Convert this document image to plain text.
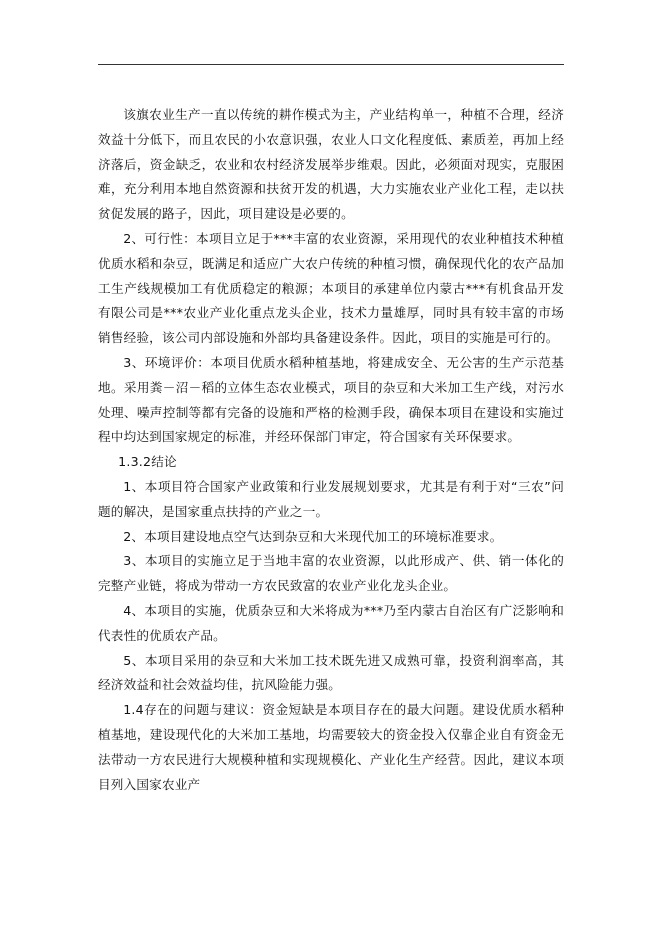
该旗农业生产一直以传统的耕作模式为主，产业结构单一，种植不合理，经济效益十分低下，而且农民的小农意识强，农业人口文化程度低、素质差，再加上经济落后，资金缺乏，农业和农村经济发展举步维艰。因此，必须面对现实，克服困难，充分利用本地自然资源和扶贫开发的机遇，大力实施农业产业化工程，走以扶贫促发展的路子，因此，项目建设是必要的。

2、可行性：本项目立足于***丰富的农业资源，采用现代的农业种植技术种植优质水稻和杂豆，既满足和适应广大农户传统的种植习惯，确保现代化的农产品加工生产线规模加工有优质稳定的粮源；本项目的承建单位内蒙古***有机食品开发有限公司是***农业产业化重点龙头企业，技术力量雄厚，同时具有较丰富的市场销售经验，该公司内部设施和外部均具备建设条件。因此，项目的实施是可行的。

3、环境评价：本项目优质水稻种植基地，将建成安全、无公害的生产示范基地。采用粪－沼－稻的立体生态农业模式，项目的杂豆和大米加工生产线，对污水处理、噪声控制等都有完备的设施和严格的检测手段，确保本项目在建设和实施过程中均达到国家规定的标准，并经环保部门审定，符合国家有关环保要求。

1.3.2结论

1、本项目符合国家产业政策和行业发展规划要求，尤其是有利于对“三农”问题的解决，是国家重点扶持的产业之一。

2、本项目建设地点空气达到杂豆和大米现代加工的环境标准要求。

3、本项目的实施立足于当地丰富的农业资源，以此形成产、供、销一体化的完整产业链，将成为带动一方农民致富的农业产业化龙头企业。

4、本项目的实施，优质杂豆和大米将成为***乃至内蒙古自治区有广泛影响和代表性的优质农产品。

5、本项目采用的杂豆和大米加工技术既先进又成熟可靠，投资利润率高，其经济效益和社会效益均佳，抗风险能力强。

1.4存在的问题与建议：资金短缺是本项目存在的最大问题。建设优质水稻种植基地，建设现代化的大米加工基地，均需要较大的资金投入仅靠企业自有资金无法带动一方农民进行大规模种植和实现规模化、产业化生产经营。因此，建议本项目列入国家农业产
